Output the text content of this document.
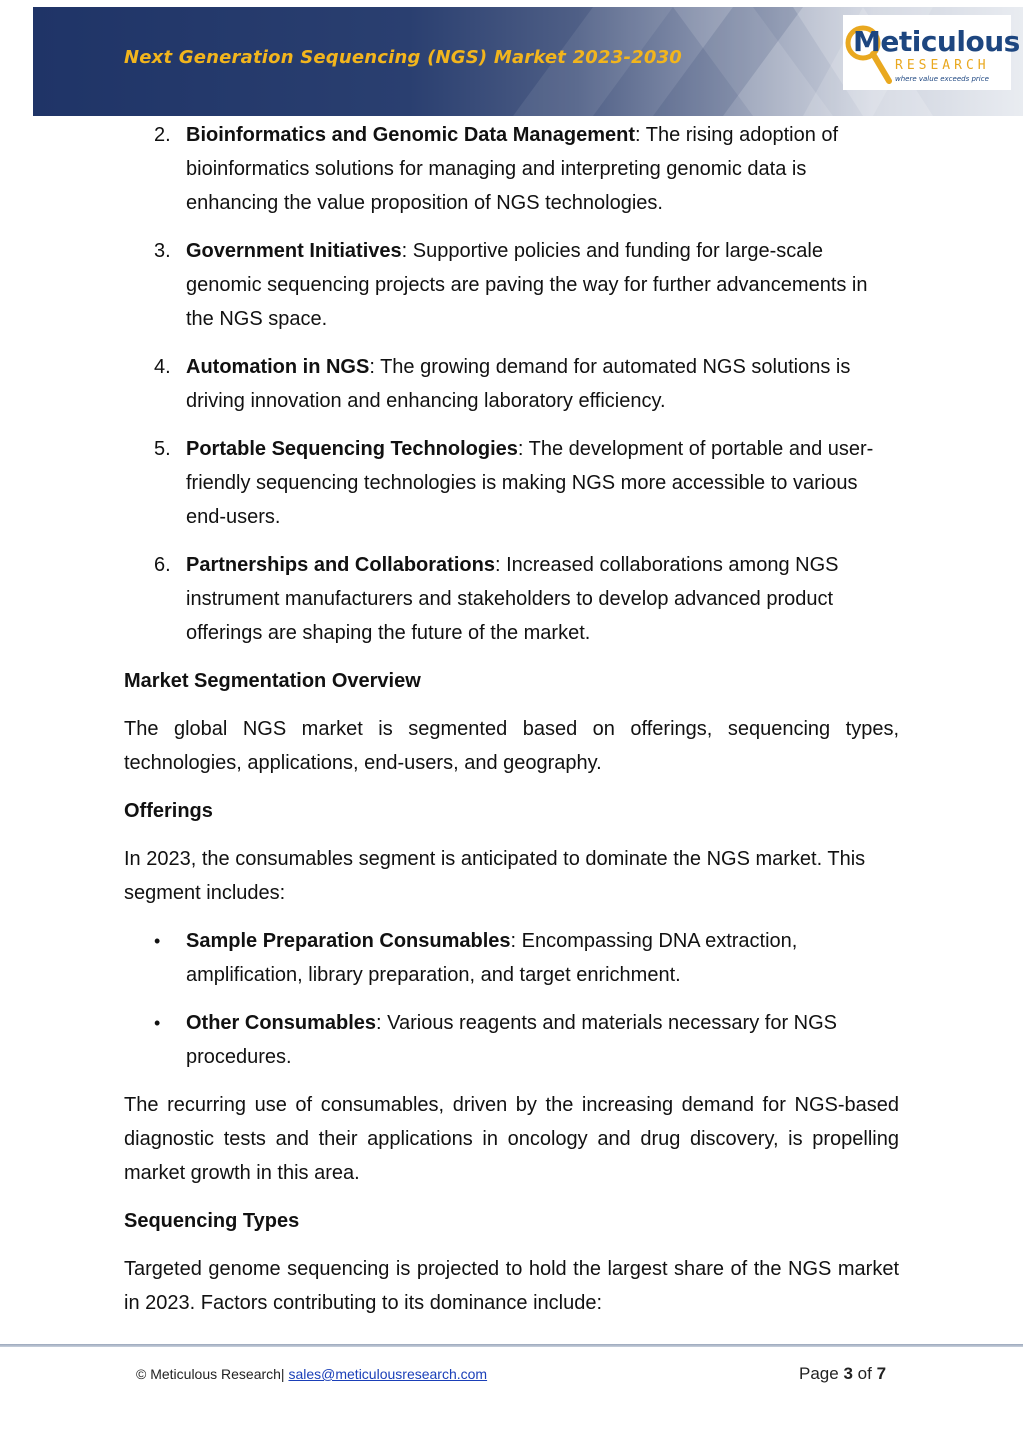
Next Generation Sequencing (NGS) Market 2023-2030	Meticulous
RESEARCH
where value exceeds price
2. Bioinformatics and Genomic Data Management: The rising adoption of bioinformatics solutions for managing and interpreting genomic data is enhancing the value proposition of NGS technologies.
3. Government Initiatives: Supportive policies and funding for large-scale genomic sequencing projects are paving the way for further advancements in the NGS space.
4. Automation in NGS: The growing demand for automated NGS solutions is driving innovation and enhancing laboratory efficiency.
5. Portable Sequencing Technologies: The development of portable and user-friendly sequencing technologies is making NGS more accessible to various end-users.
6. Partnerships and Collaborations: Increased collaborations among NGS instrument manufacturers and stakeholders to develop advanced product offerings are shaping the future of the market.
Market Segmentation Overview

The global NGS market is segmented based on offerings, sequencing types, technologies, applications, end-users, and geography.

Offerings

In 2023, the consumables segment is anticipated to dominate the NGS market. This segment includes:

• Sample Preparation Consumables: Encompassing DNA extraction, amplification, library preparation, and target enrichment.
• Other Consumables: Various reagents and materials necessary for NGS procedures.

The recurring use of consumables, driven by the increasing demand for NGS-based diagnostic tests and their applications in oncology and drug discovery, is propelling market growth in this area.

Sequencing Types

Targeted genome sequencing is projected to hold the largest share of the NGS market in 2023. Factors contributing to its dominance include:

© Meticulous Research| sales@meticulousresearch.com	Page 3 of 7
